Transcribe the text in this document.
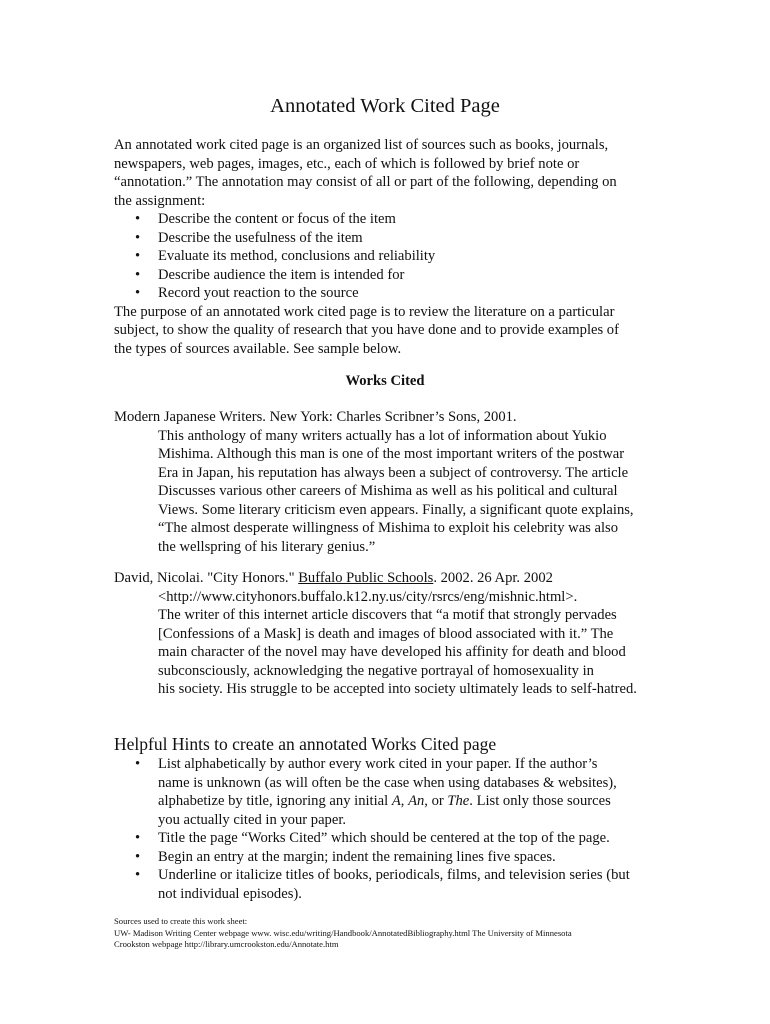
Annotated Work Cited Page
An annotated work cited page is an organized list of sources such as books, journals,
newspapers, web pages, images, etc., each of which is followed by brief note or
“annotation.” The annotation may consist of all or part of the following, depending on
the assignment:
• Describe the content or focus of the item
• Describe the usefulness of the item
• Evaluate its method, conclusions and reliability
• Describe audience the item is intended for
• Record yout reaction to the source
The purpose of an annotated work cited page is to review the literature on a particular
subject, to show the quality of research that you have done and to provide examples of
the types of sources available. See sample below.
Works Cited
Modern Japanese Writers. New York: Charles Scribner’s Sons, 2001.
This anthology of many writers actually has a lot of information about Yukio
Mishima. Although this man is one of the most important writers of the postwar
Era in Japan, his reputation has always been a subject of controversy. The article
Discusses various other careers of Mishima as well as his political and cultural
Views. Some literary criticism even appears. Finally, a significant quote explains,
“The almost desperate willingness of Mishima to exploit his celebrity was also
the wellspring of his literary genius.”
David, Nicolai. "City Honors." Buffalo Public Schools. 2002. 26 Apr. 2002
<http://www.cityhonors.buffalo.k12.ny.us/city/rsrcs/eng/mishnic.html>.
The writer of this internet article discovers that “a motif that strongly pervades
[Confessions of a Mask] is death and images of blood associated with it.” The
main character of the novel may have developed his affinity for death and blood
subconsciously, acknowledging the negative portrayal of homosexuality in
his society. His struggle to be accepted into society ultimately leads to self-hatred.
Helpful Hints to create an annotated Works Cited page
• List alphabetically by author every work cited in your paper. If the author’s
name is unknown (as will often be the case when using databases & websites),
alphabetize by title, ignoring any initial A, An, or The. List only those sources
you actually cited in your paper.
• Title the page “Works Cited” which should be centered at the top of the page.
• Begin an entry at the margin; indent the remaining lines five spaces.
• Underline or italicize titles of books, periodicals, films, and television series (but
not individual episodes).
Sources used to create this work sheet:
UW- Madison Writing Center webpage www. wisc.edu/writing/Handbook/AnnotatedBibliography.html The University of Minnesota
Crookston webpage http://library.umcrookston.edu/Annotate.htm
